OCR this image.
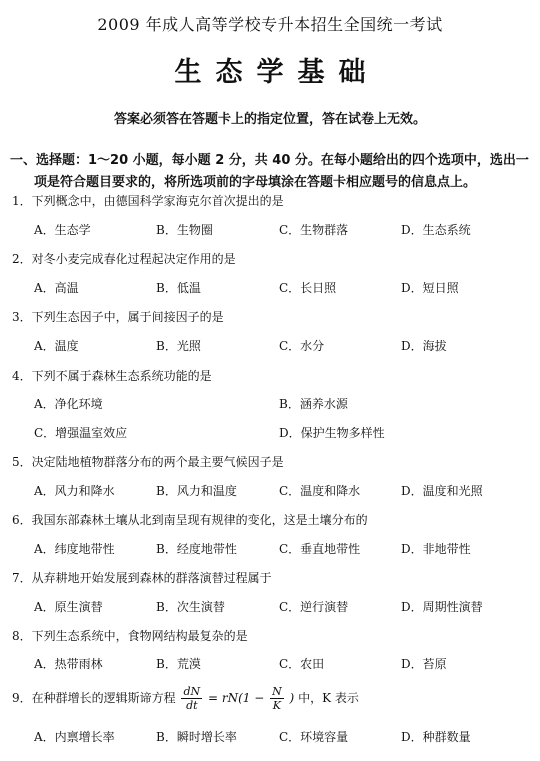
2009 年成人高等学校专升本招生全国统一考试
生态学基础
答案必须答在答题卡上的指定位置，答在试卷上无效。
一、选择题：1～20 小题，每小题 2 分，共 40 分。在每小题给出的四个选项中，选出一
项是符合题目要求的，将所选项前的字母填涂在答题卡相应题号的信息点上。
1．下列概念中，由德国科学家海克尔首次提出的是
A．生态学	B．生物圈	C．生物群落	D．生态系统
2．对冬小麦完成春化过程起决定作用的是
A．高温	B．低温	C．长日照	D．短日照
3．下列生态因子中，属于间接因子的是
A．温度	B．光照	C．水分	D．海拔
4．下列不属于森林生态系统功能的是
A．净化环境	B．涵养水源
C．增强温室效应	D．保护生物多样性
5．决定陆地植物群落分布的两个最主要气候因子是
A．风力和降水	B．风力和温度	C．温度和降水	D．温度和光照
6．我国东部森林土壤从北到南呈现有规律的变化，这是土壤分布的
A．纬度地带性	B．经度地带性	C．垂直地带性	D．非地带性
7．从弃耕地开始发展到森林的群落演替过程属于
A．原生演替	B．次生演替	C．逆行演替	D．周期性演替
8．下列生态系统中，食物网结构最复杂的是
A．热带雨林	B．荒漠	C．农田	D．苔原
9．在种群增长的逻辑斯谛方程 $\frac{dN}{dt} = rN(1 - \frac{N}{K}$ ) 中，K 表示
A．内禀增长率	B．瞬时增长率	C．环境容量	D．种群数量
